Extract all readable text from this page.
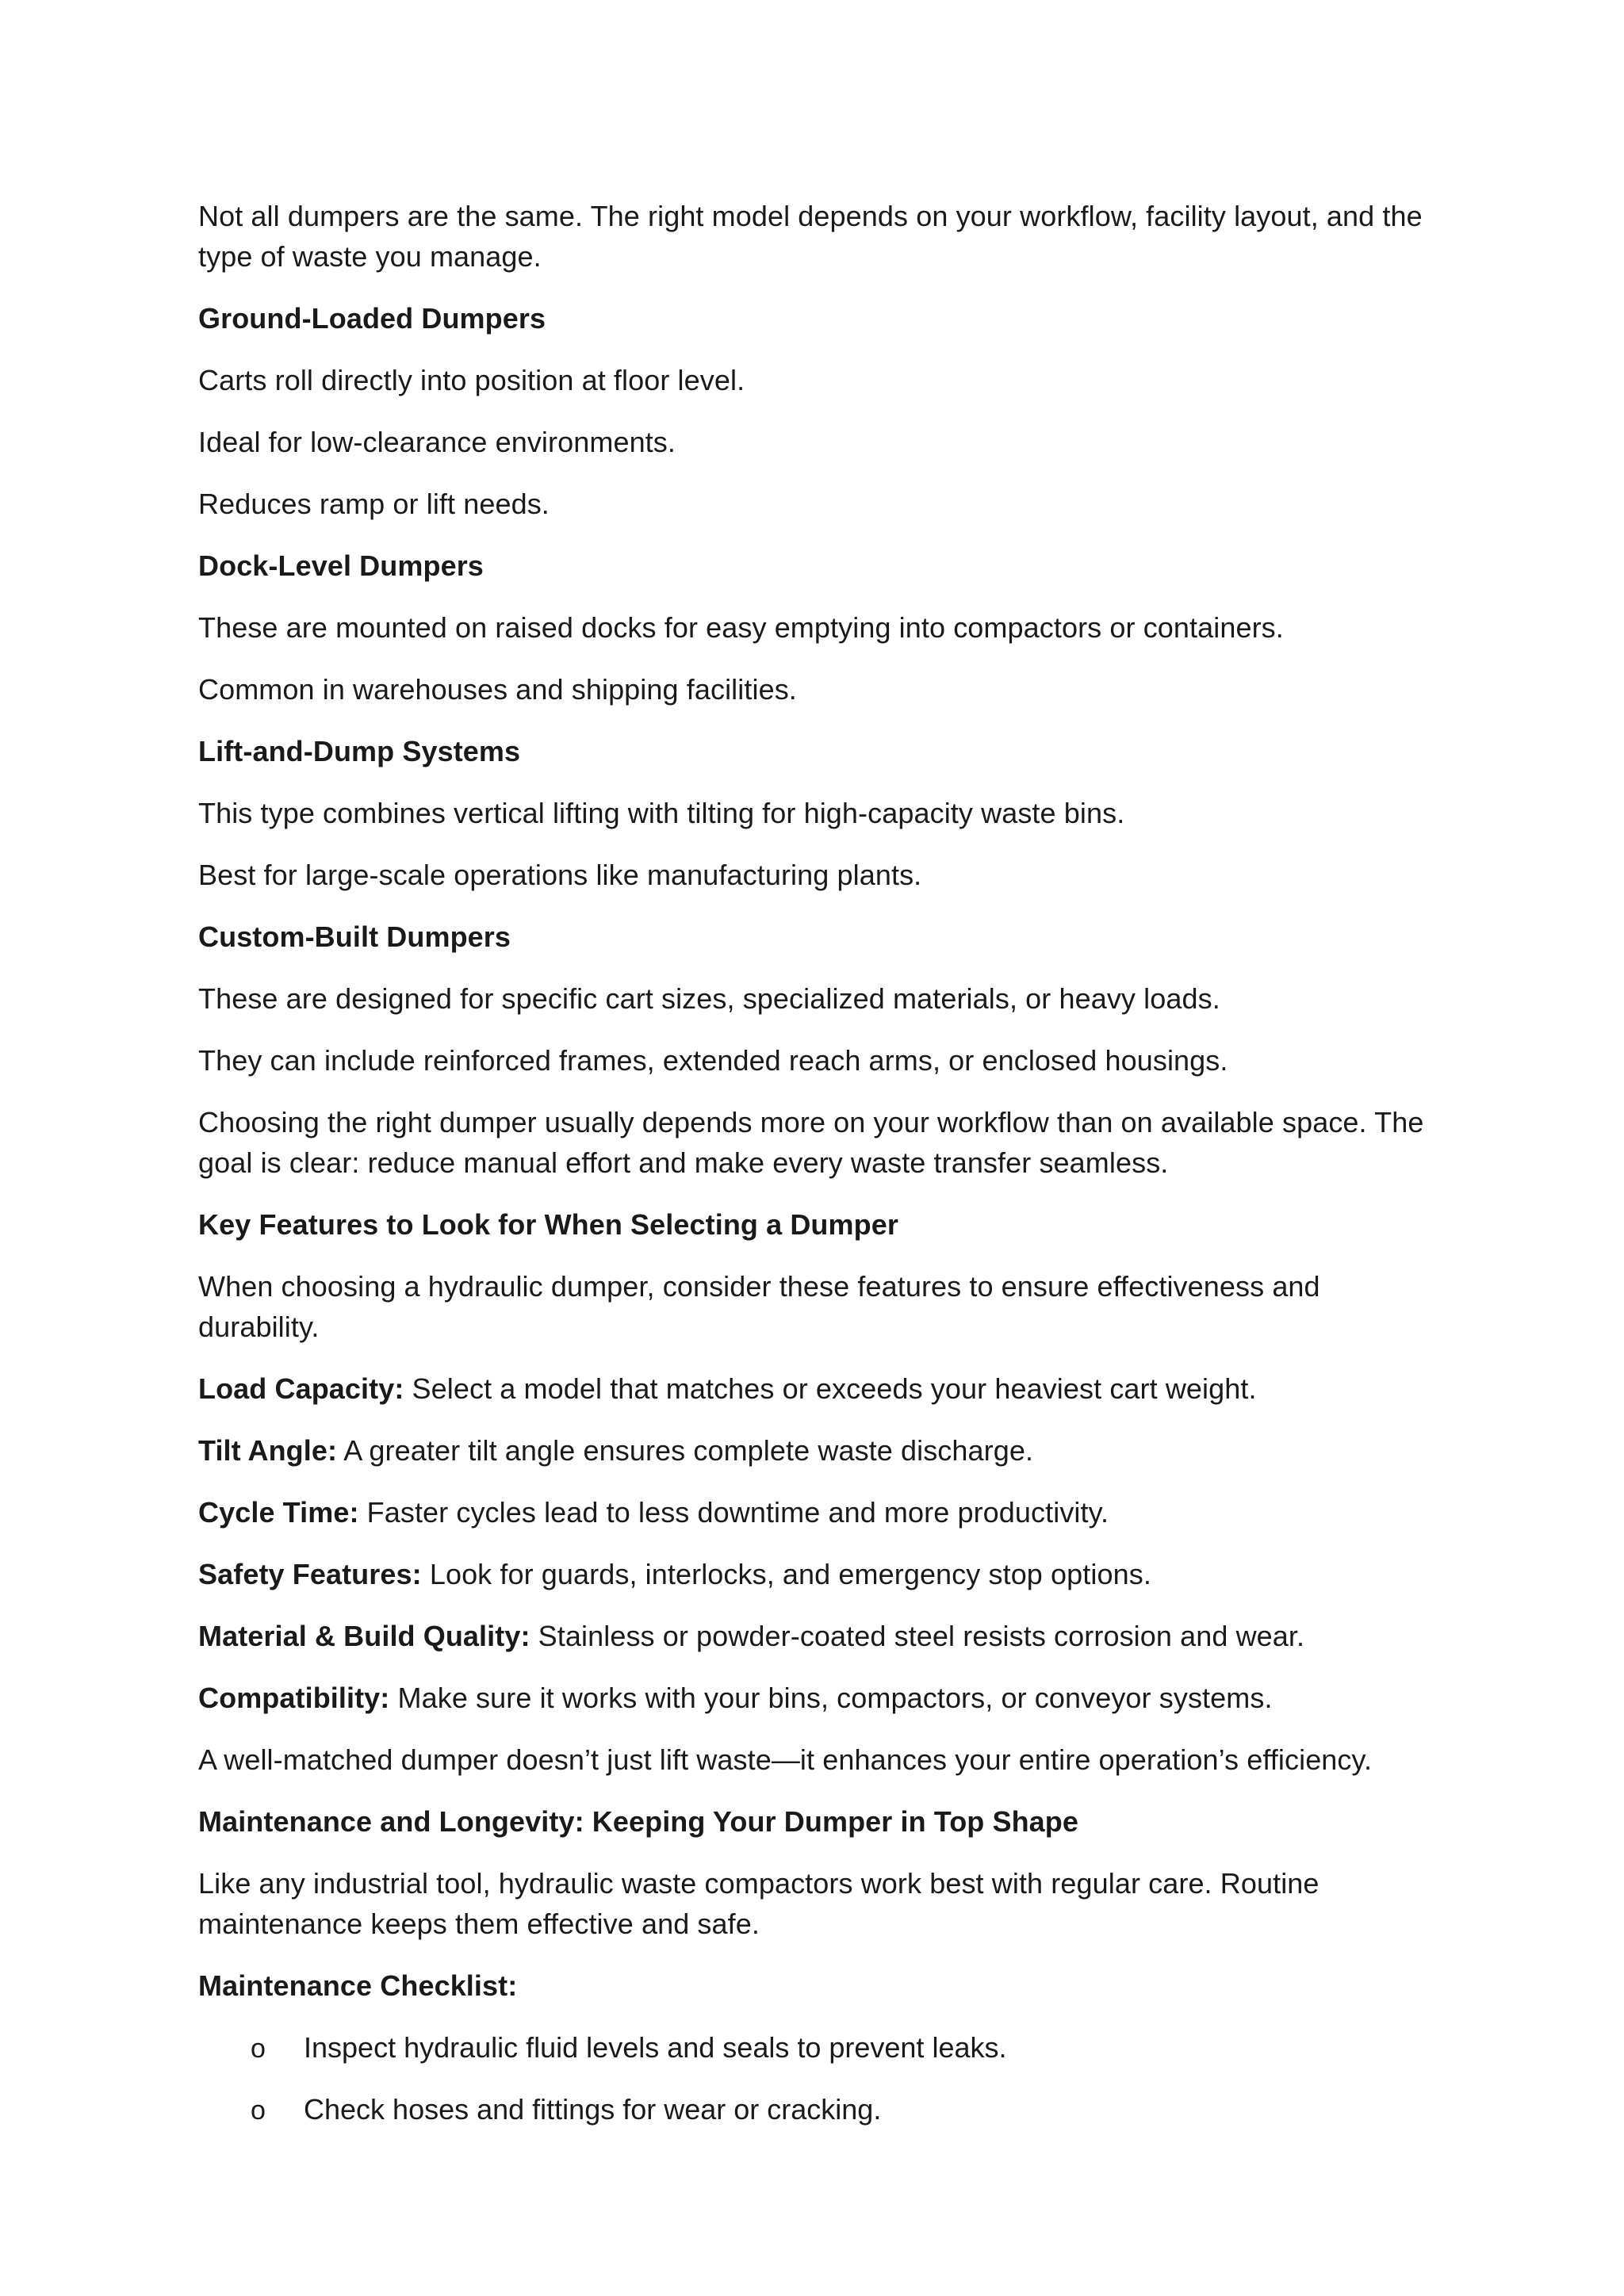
Not all dumpers are the same. The right model depends on your workflow, facility layout, and the type of waste you manage.

Ground-Loaded Dumpers

Carts roll directly into position at floor level.

Ideal for low-clearance environments.

Reduces ramp or lift needs.

Dock-Level Dumpers

These are mounted on raised docks for easy emptying into compactors or containers.

Common in warehouses and shipping facilities.

Lift-and-Dump Systems

This type combines vertical lifting with tilting for high-capacity waste bins.

Best for large-scale operations like manufacturing plants.

Custom-Built Dumpers

These are designed for specific cart sizes, specialized materials, or heavy loads.

They can include reinforced frames, extended reach arms, or enclosed housings.

Choosing the right dumper usually depends more on your workflow than on available space. The goal is clear: reduce manual effort and make every waste transfer seamless.

Key Features to Look for When Selecting a Dumper

When choosing a hydraulic dumper, consider these features to ensure effectiveness and durability.

Load Capacity: Select a model that matches or exceeds your heaviest cart weight.

Tilt Angle: A greater tilt angle ensures complete waste discharge.

Cycle Time: Faster cycles lead to less downtime and more productivity.

Safety Features: Look for guards, interlocks, and emergency stop options.

Material & Build Quality: Stainless or powder-coated steel resists corrosion and wear.

Compatibility: Make sure it works with your bins, compactors, or conveyor systems.

A well-matched dumper doesn’t just lift waste—it enhances your entire operation’s efficiency.

Maintenance and Longevity: Keeping Your Dumper in Top Shape

Like any industrial tool, hydraulic waste compactors work best with regular care. Routine maintenance keeps them effective and safe.

Maintenance Checklist:

o Inspect hydraulic fluid levels and seals to prevent leaks.
o Check hoses and fittings for wear or cracking.
